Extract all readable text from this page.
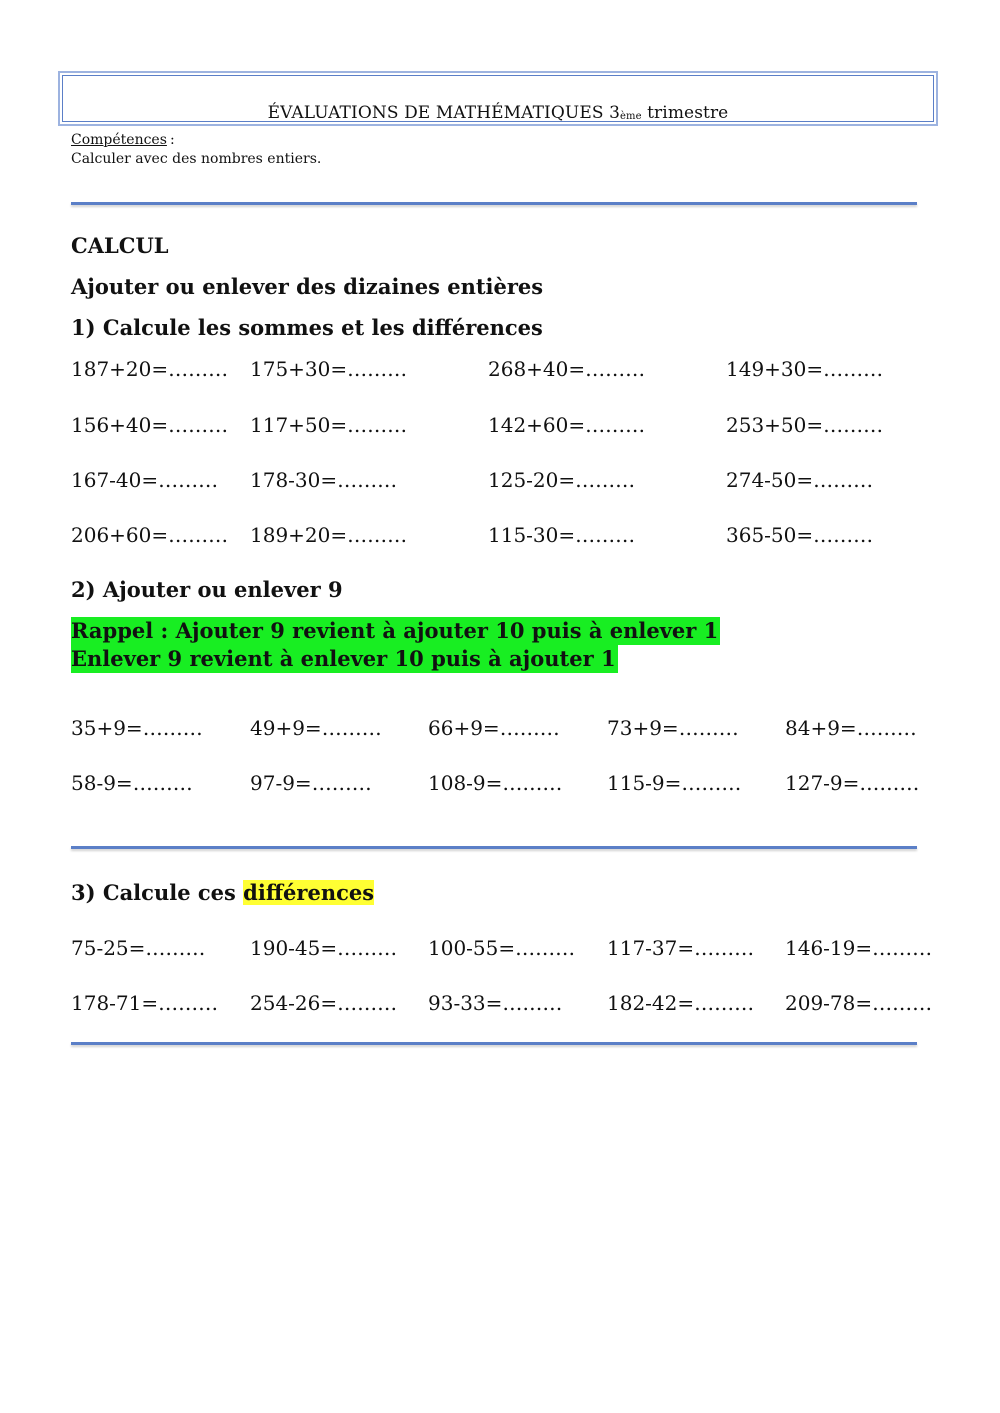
ÉVALUATIONS DE MATHÉMATIQUES 3ème trimestre
Compétences :
Calculer avec des nombres entiers.
CALCUL
Ajouter ou enlever des dizaines entières
1) Calcule les sommes et les différences
187+20=……… 175+30=………	268+40=………	149+30=………
156+40=……… 117+50=………	142+60=………	253+50=………
167-40=……… 178-30=………	125-20=………	274-50=………
206+60=……… 189+20=………	115-30=………	365-50=………
2) Ajouter ou enlever 9
Rappel : Ajouter 9 revient à ajouter 10 puis à enlever 1
Enlever 9 revient à enlever 10 puis à ajouter 1
35+9=……… 49+9=……… 66+9=……… 73+9=……… 84+9=………
58-9=………	97-9=………	108-9=……… 115-9=……… 127-9=………
3) Calcule ces différences
75-25=……… 190-45=……… 100-55=……… 117-37=……… 146-19=………
178-71=……… 254-26=……… 93-33=……… 182-42=……… 209-78=………
